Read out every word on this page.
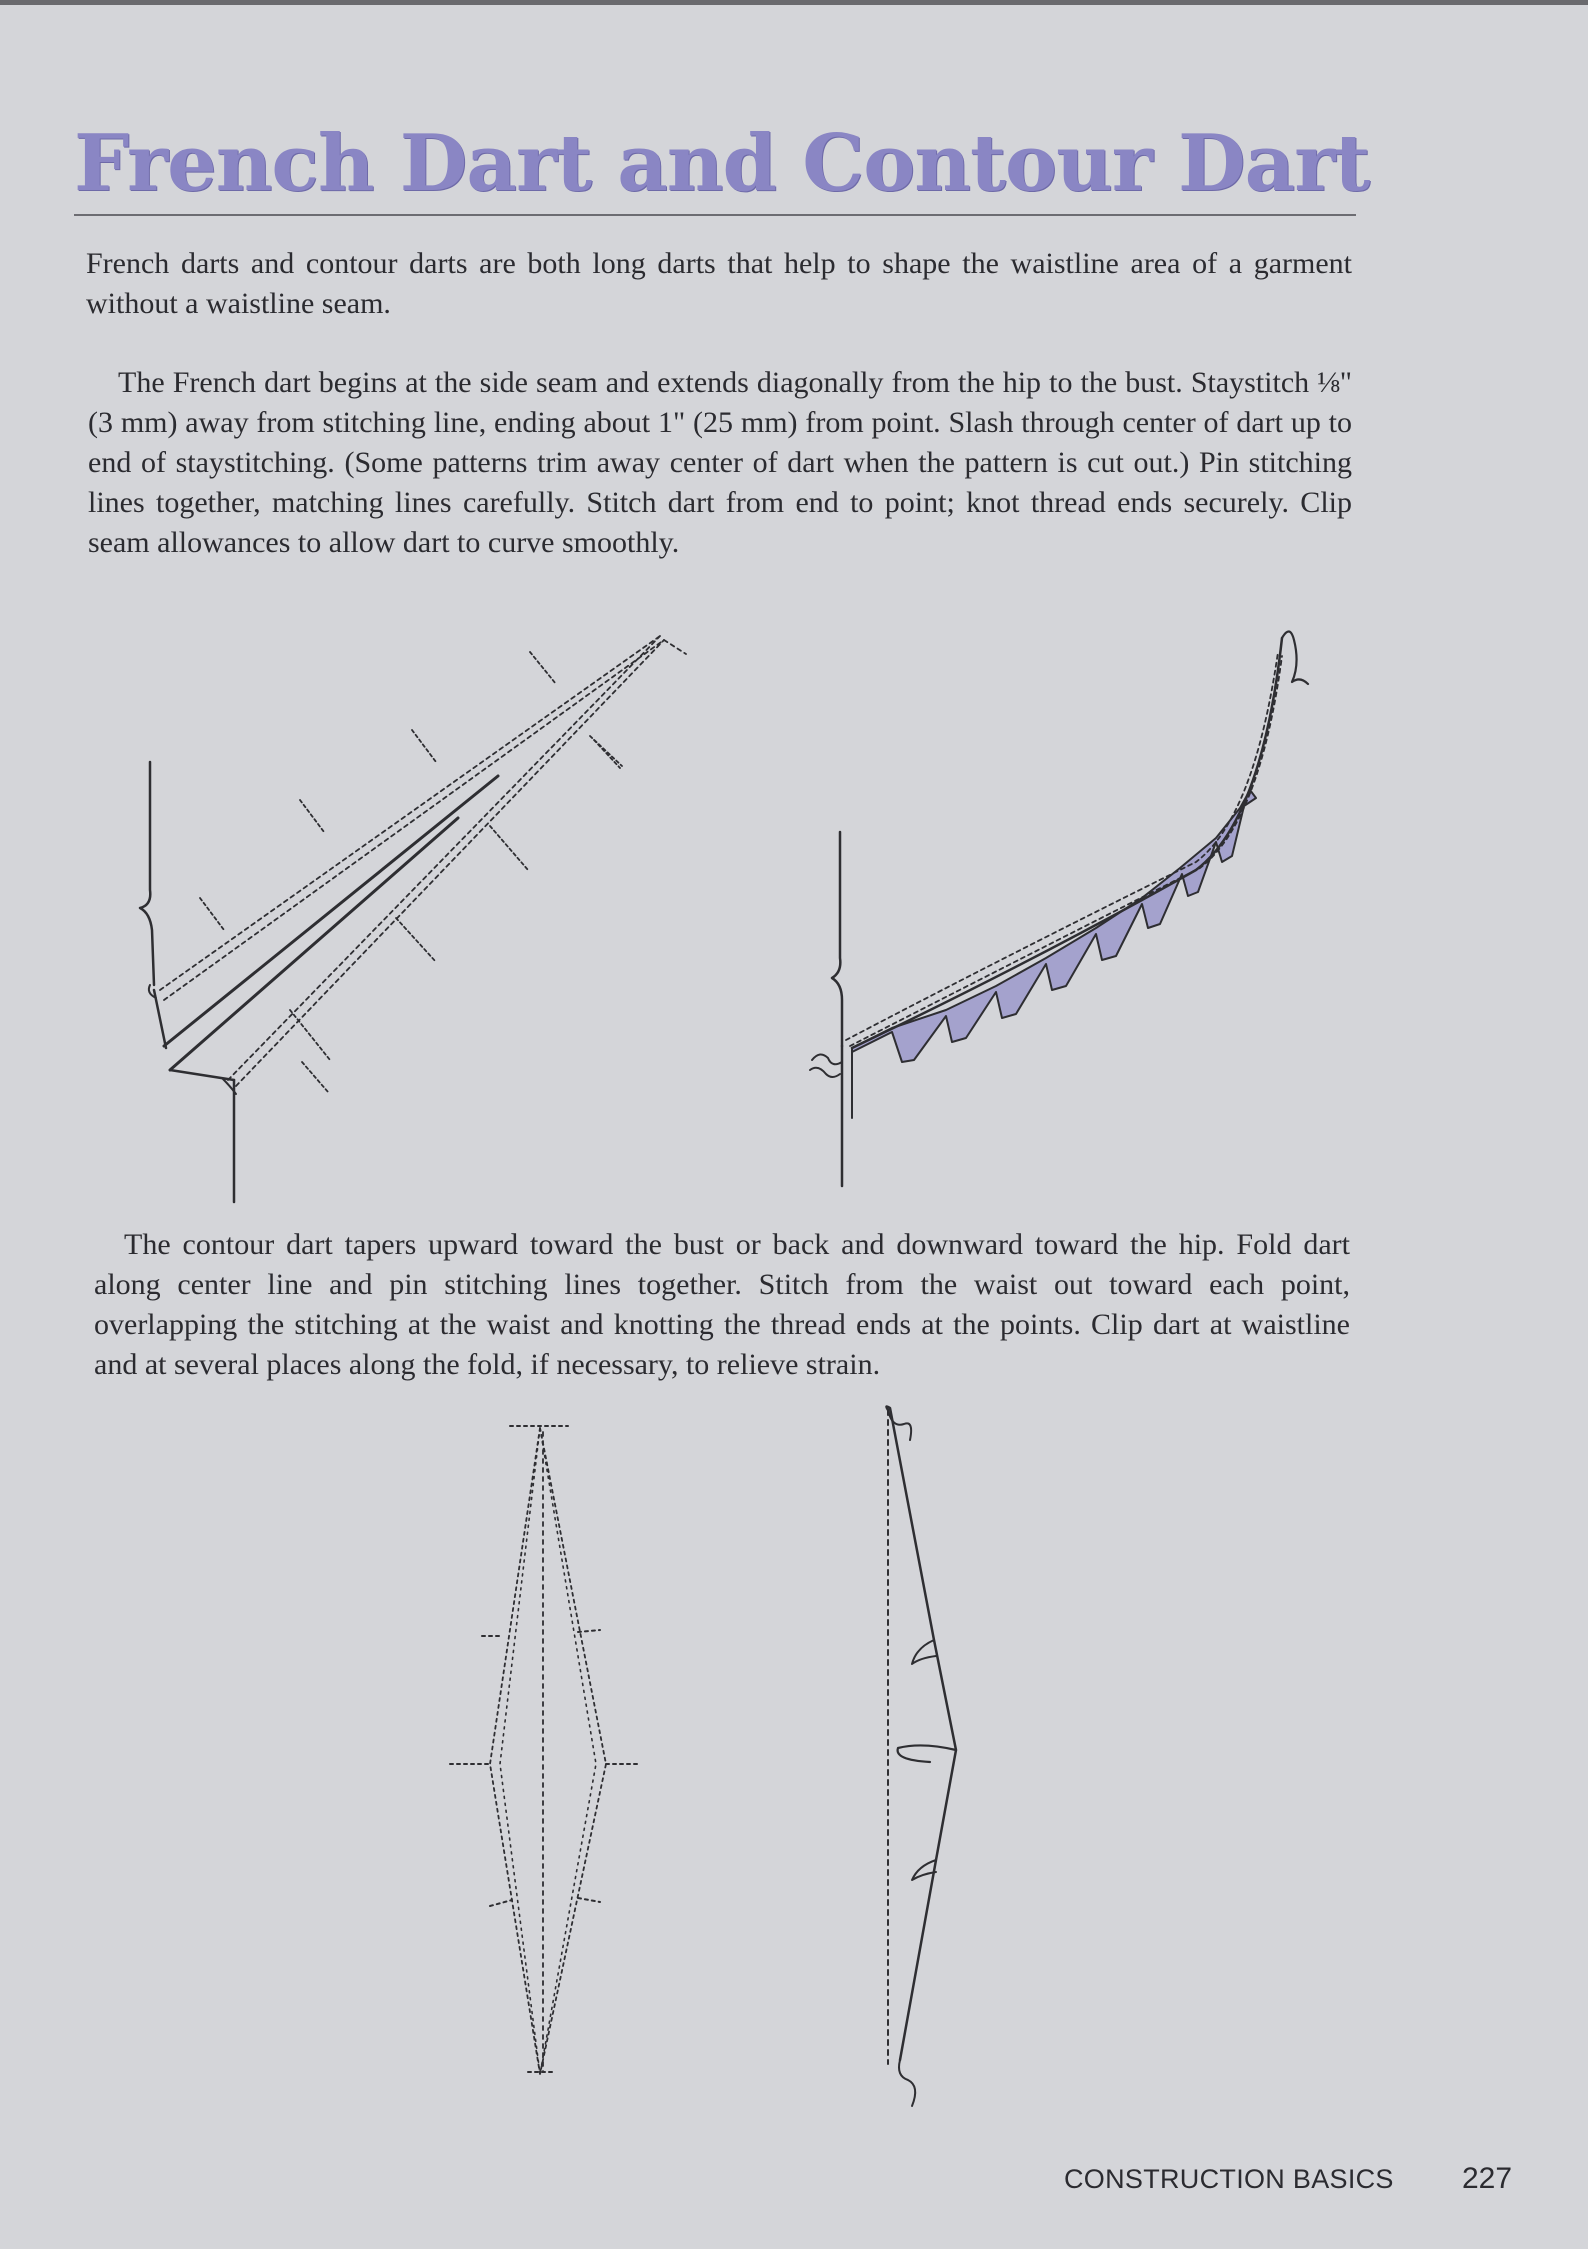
French Dart and Contour Dart

French darts and contour darts are both long darts that help to shape the waistline area of a garment without a waistline seam.

The French dart begins at the side seam and extends diagonally from the hip to the bust. Staystitch ⅛" (3 mm) away from stitching line, ending about 1" (25 mm) from point. Slash through center of dart up to end of staystitching. (Some patterns trim away center of dart when the pattern is cut out.) Pin stitching lines together, matching lines carefully. Stitch dart from end to point; knot thread ends securely. Clip seam allowances to allow dart to curve smoothly.

The contour dart tapers upward toward the bust or back and downward toward the hip. Fold dart along center line and pin stitching lines together. Stitch from the waist out toward each point, overlapping the stitching at the waist and knotting the thread ends at the points. Clip dart at waistline and at several places along the fold, if necessary, to relieve strain.

CONSTRUCTION BASICS 227
